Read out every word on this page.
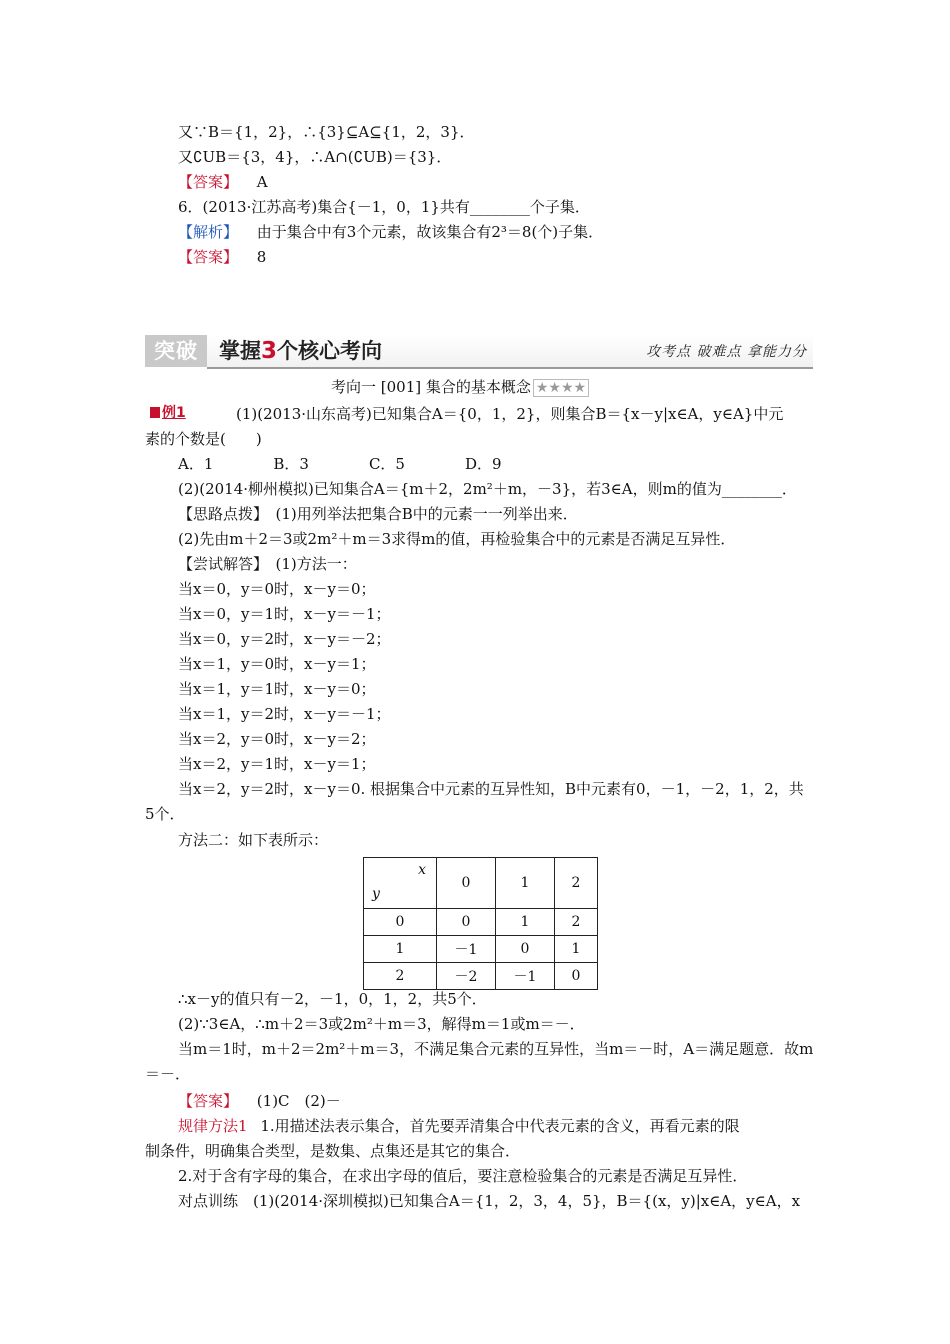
又∵B＝{1，2}，∴{3}⊆A⊆{1，2，3}．
又∁UB＝{3，4}，∴A∩(∁UB)＝{3}．
【答案】 A
6．(2013·江苏高考)集合{－1，0，1}共有________个子集．
【解析】 由于集合中有3个元素，故该集合有2³＝8(个)子集．
【答案】 8
突破	掌握3个核心考向	攻考点 破难点 拿能力分
考向一 [001] 集合的基本概念 ★★★★
例1	(1)(2013·山东高考)已知集合A＝{0，1，2}，则集合B＝{x－y|x∈A，y∈A}中元
素的个数是(　　)
A．1　　　　B．3　　　　C．5　　　　D．9
(2)(2014·柳州模拟)已知集合A＝{m＋2，2m²＋m，－3}，若3∈A，则m的值为________．
【思路点拨】　(1)用列举法把集合B中的元素一一列举出来．
(2)先由m＋2＝3或2m²＋m＝3求得m的值，再检验集合中的元素是否满足互异性．
【尝试解答】　(1)方法一：
当x＝0，y＝0时，x－y＝0；
当x＝0，y＝1时，x－y＝－1；
当x＝0，y＝2时，x－y＝－2；
当x＝1，y＝0时，x－y＝1；
当x＝1，y＝1时，x－y＝0；
当x＝1，y＝2时，x－y＝－1；
当x＝2，y＝0时，x－y＝2；
当x＝2，y＝1时，x－y＝1；
当x＝2，y＝2时，x－y＝0. 根据集合中元素的互异性知，B中元素有0，－1，－2，1，2，共
5个．
方法二：如下表所示：
x
y	0	1	2
0	0	1	2
1	－1	0	1
2	－2	－1	0
∴x－y的值只有－2，－1，0，1，2，共5个．
(2)∵3∈A，∴m＋2＝3或2m²＋m＝3，解得m＝1或m＝－．
当m＝1时，m＋2＝2m²＋m＝3，不满足集合元素的互异性，当m＝－时，A＝满足题意．故m
＝－．
【答案】 (1)C　(2)－
规律方法1 1.用描述法表示集合，首先要弄清集合中代表元素的含义，再看元素的限
制条件，明确集合类型，是数集、点集还是其它的集合．
2.对于含有字母的集合，在求出字母的值后，要注意检验集合的元素是否满足互异性．
对点训练　(1)(2014·深圳模拟)已知集合A＝{1，2，3，4，5}，B＝{(x，y)|x∈A，y∈A，x
